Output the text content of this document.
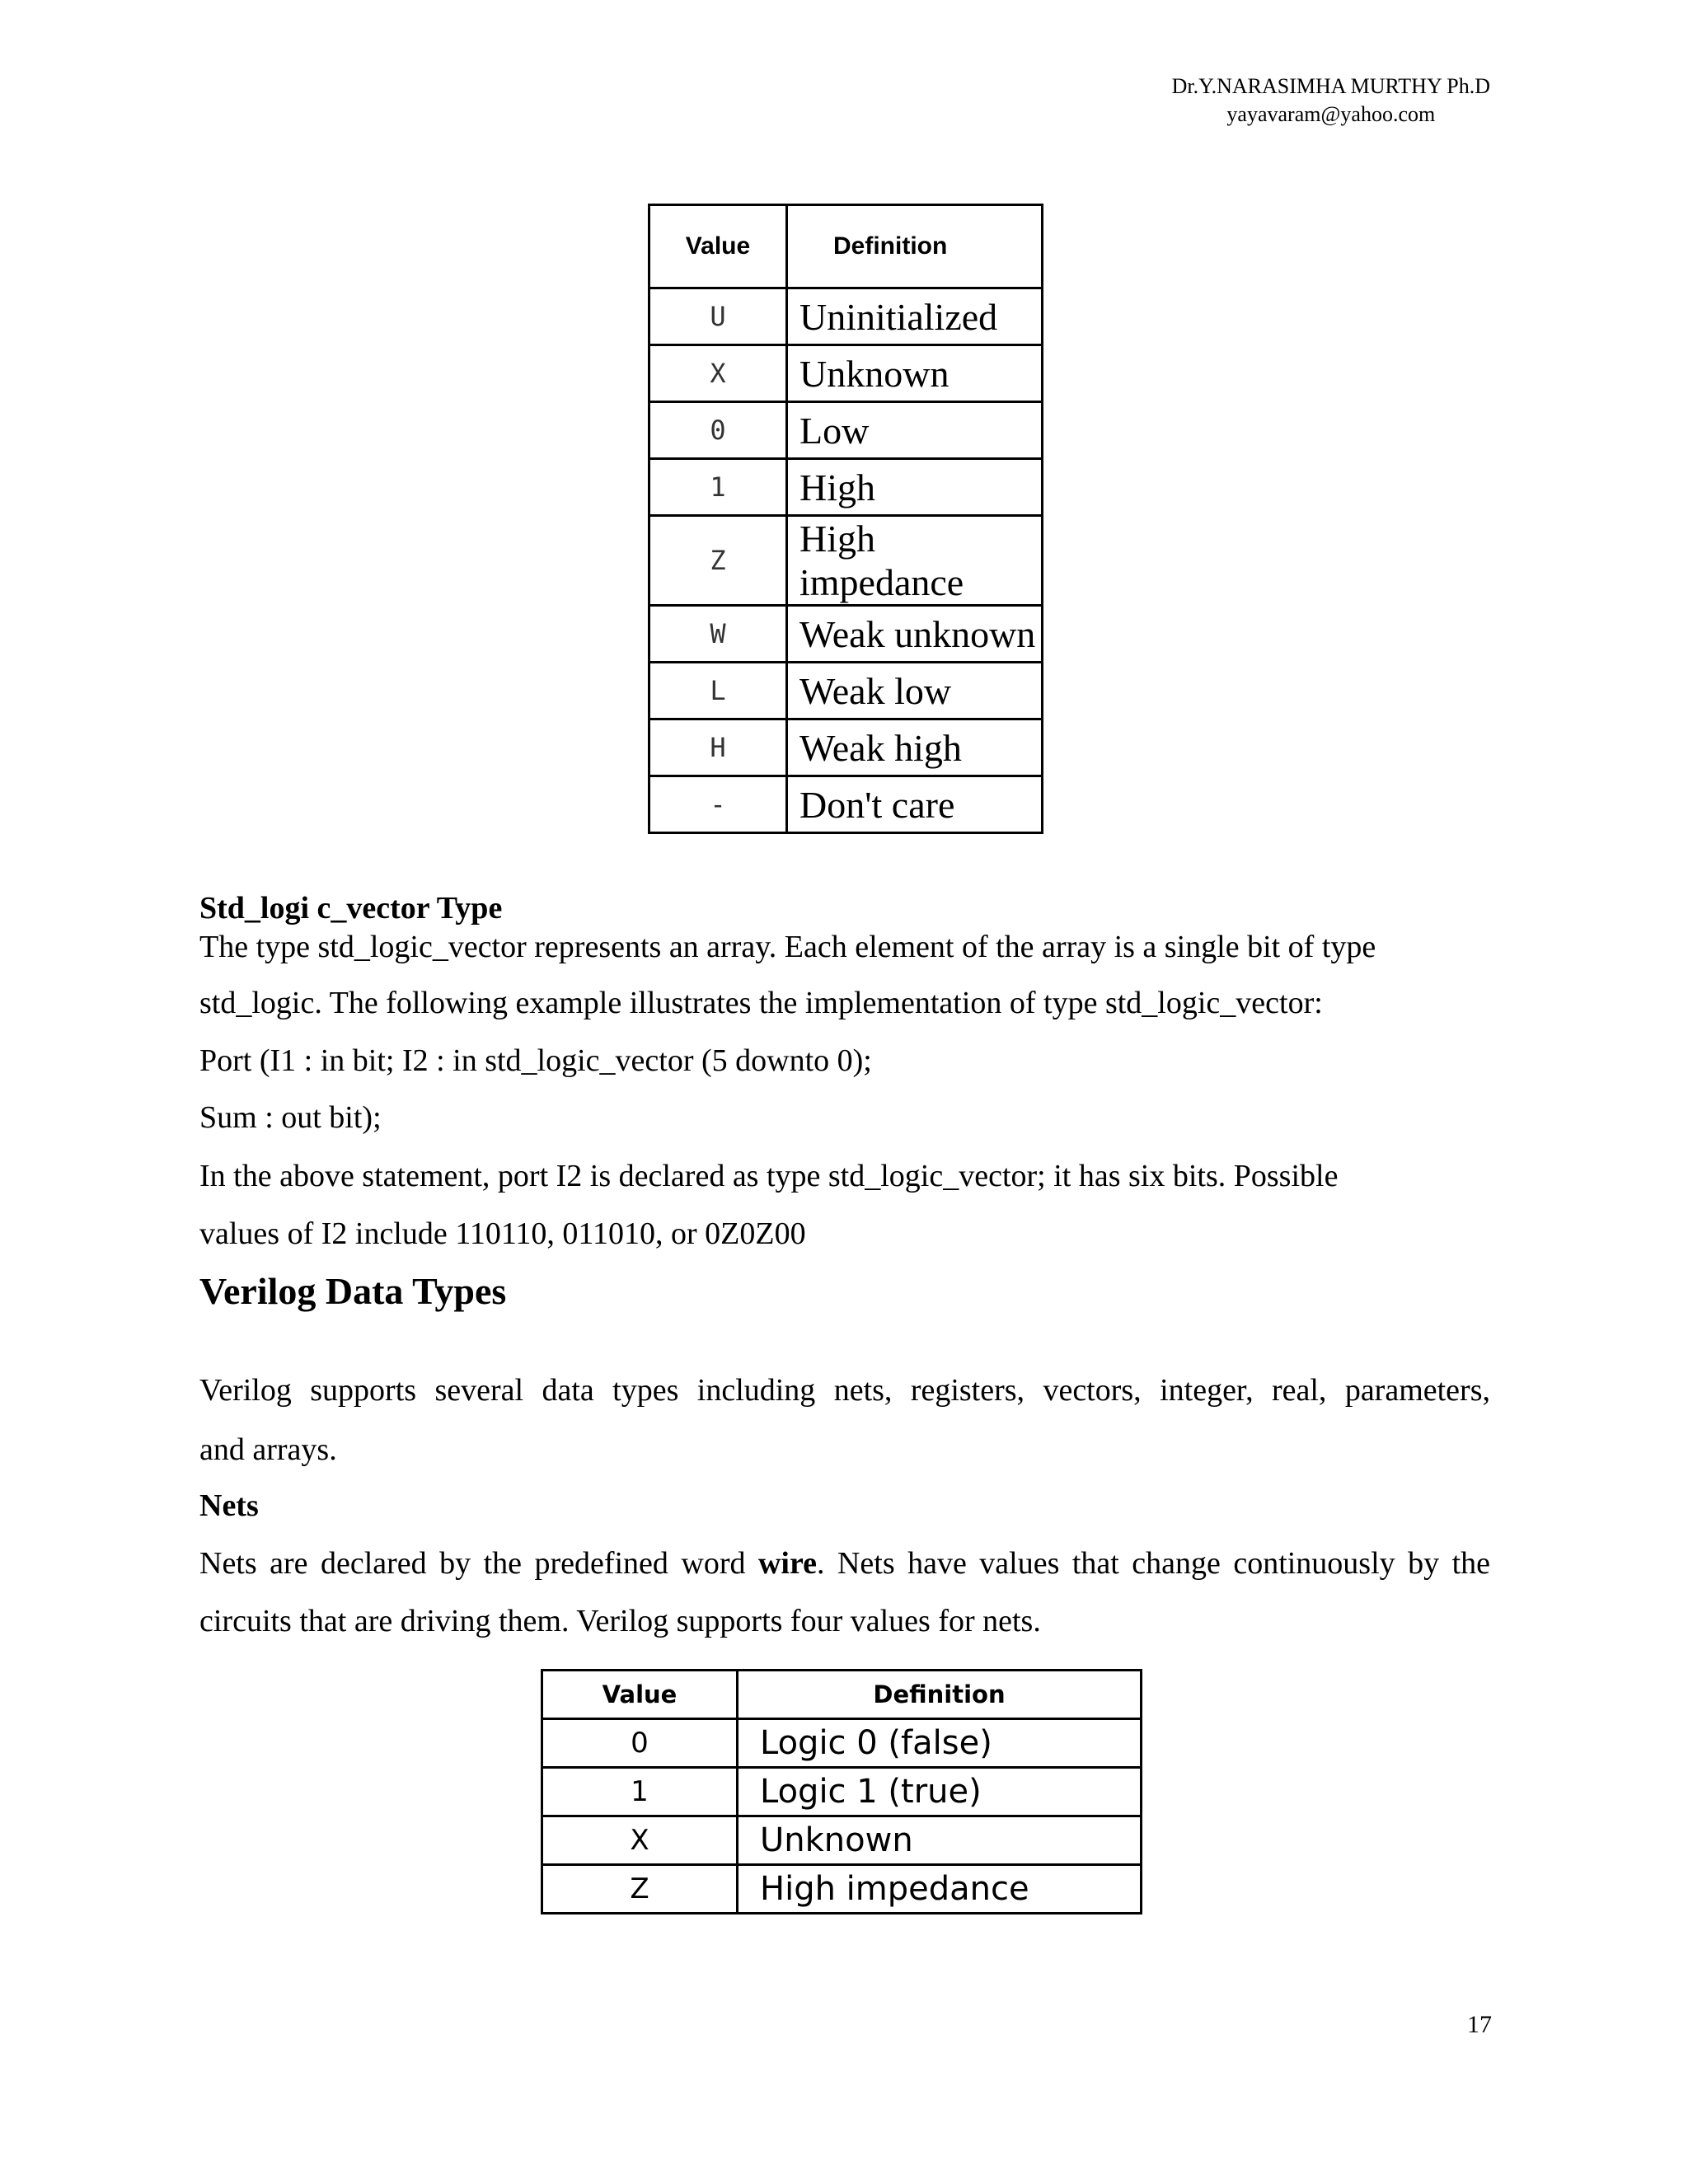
Dr.Y.NARASIMHA MURTHY Ph.D
yayavaram@yahoo.com
Value	Definition
U	Uninitialized
X	Unknown
0	Low
1	High
Z	High impedance
W	Weak unknown
L	Weak low
H	Weak high
-	Don't care
Std_logi c_vector Type
The type std_logic_vector represents an array. Each element of the array is a single bit of type
std_logic. The following example illustrates the implementation of type std_logic_vector:
Port (I1 : in bit; I2 : in std_logic_vector (5 downto 0);
Sum : out bit);
In the above statement, port I2 is declared as type std_logic_vector; it has six bits. Possible
values of I2 include 110110, 011010, or 0Z0Z00
Verilog Data Types
Verilog supports several data types including nets, registers, vectors, integer, real, parameters,
and arrays.
Nets
Nets are declared by the predefined word wire. Nets have values that change continuously by the
circuits that are driving them. Verilog supports four values for nets.
Value	Definition
0	Logic 0 (false)
1	Logic 1 (true)
X	Unknown
Z	High impedance
17
